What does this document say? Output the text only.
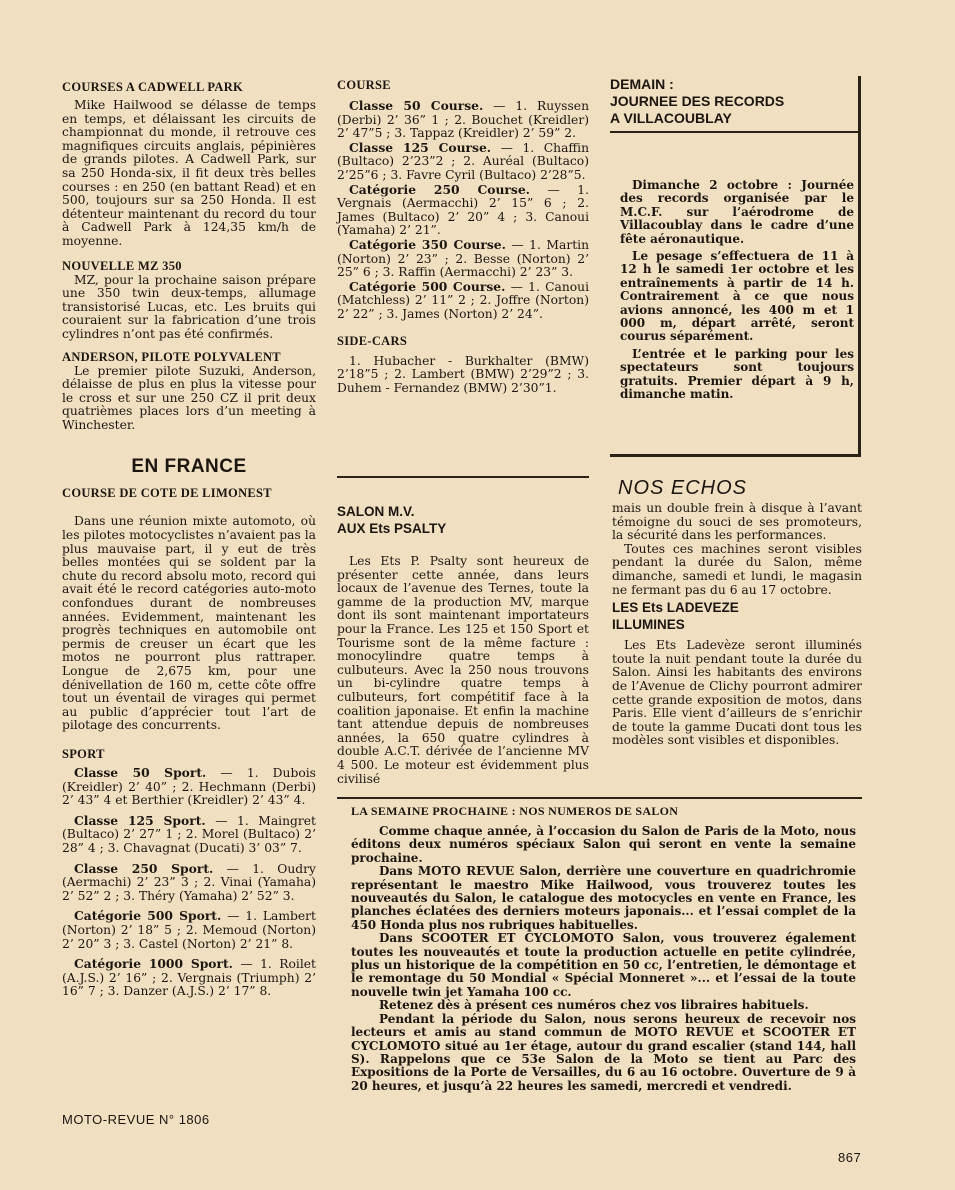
COURSES A CADWELL PARK

Mike Hailwood se délasse de temps en temps, et délaissant les circuits de championnat du monde, il retrouve ces magnifiques circuits anglais, pépinières de grands pilotes. A Cadwell Park, sur sa 250 Honda-six, il fit deux très belles courses : en 250 (en battant Read) et en 500, toujours sur sa 250 Honda. Il est détenteur maintenant du record du tour à Cadwell Park à 124,35 km/h de moyenne.

NOUVELLE MZ 350

MZ, pour la prochaine saison prépare une 350 twin deux-temps, allumage transistorisé Lucas, etc. Les bruits qui couraient sur la fabrication d’une trois cylindres n’ont pas été confirmés.

ANDERSON, PILOTE POLYVALENT

Le premier pilote Suzuki, Anderson, délaisse de plus en plus la vitesse pour le cross et sur une 250 CZ il prit deux quatrièmes places lors d’un meeting à Winchester.

EN FRANCE
COURSE DE COTE DE LIMONEST

Dans une réunion mixte automoto, où les pilotes motocyclistes n’avaient pas la plus mauvaise part, il y eut de très belles montées qui se soldent par la chute du record absolu moto, record qui avait été le record catégories auto-moto confondues durant de nombreuses années. Evidemment, maintenant les progrès techniques en automobile ont permis de creuser un écart que les motos ne pourront plus rattraper. Longue de 2,675 km, pour une dénivellation de 160 m, cette côte offre tout un éventail de virages qui permet au public d’apprécier tout l’art de pilotage des concurrents.

SPORT

Classe 50 Sport. — 1. Dubois (Kreidler) 2’ 40” ; 2. Hechmann (Derbi) 2’ 43” 4 et Berthier (Kreidler) 2’ 43” 4.

Classe 125 Sport. — 1. Maingret (Bultaco) 2’ 27” 1 ; 2. Morel (Bultaco) 2’ 28” 4 ; 3. Chavagnat (Ducati) 3’ 03” 7.

Classe 250 Sport. — 1. Oudry (Aermachi) 2’ 23” 3 ; 2. Vinai (Yamaha) 2’ 52” 2 ; 3. Théry (Yamaha) 2’ 52” 3.

Catégorie 500 Sport. — 1. Lambert (Norton) 2’ 18” 5 ; 2. Memoud (Norton) 2’ 20” 3 ; 3. Castel (Norton) 2’ 21” 8.

Catégorie 1000 Sport. — 1. Roilet (A.J.S.) 2’ 16” ; 2. Vergnais (Triumph) 2’ 16” 7 ; 3. Danzer (A.J.S.) 2’ 17” 8.

COURSE

Classe 50 Course. — 1. Ruyssen (Derbi) 2’ 36” 1 ; 2. Bouchet (Kreidler) 2’ 47”5 ; 3. Tappaz (Kreidler) 2’ 59” 2.

Classe 125 Course. — 1. Chaffin (Bultaco) 2’23”2 ; 2. Auréal (Bultaco) 2’25”6 ; 3. Favre Cyril (Bultaco) 2’28”5.

Catégorie 250 Course. — 1. Vergnais (Aermacchi) 2’ 15” 6 ; 2. James (Bultaco) 2’ 20” 4 ; 3. Canoui (Yamaha) 2’ 21”.

Catégorie 350 Course. — 1. Martin (Norton) 2’ 23” ; 2. Besse (Norton) 2’ 25” 6 ; 3. Raffin (Aermacchi) 2’ 23” 3.

Catégorie 500 Course. — 1. Canoui (Matchless) 2’ 11” 2 ; 2. Joffre (Norton) 2’ 22” ; 3. James (Norton) 2’ 24”.

SIDE-CARS

1. Hubacher - Burkhalter (BMW) 2’18”5 ; 2. Lambert (BMW) 2’29”2 ; 3. Duhem - Fernandez (BMW) 2’30”1.

SALON M.V.
AUX Ets PSALTY

Les Ets P. Psalty sont heureux de présenter cette année, dans leurs locaux de l’avenue des Ternes, toute la gamme de la production MV, marque dont ils sont maintenant importateurs pour la France. Les 125 et 150 Sport et Tourisme sont de la même facture : monocylindre quatre temps à culbuteurs. Avec la 250 nous trouvons un bi-cylindre quatre temps à culbuteurs, fort compétitif face à la coalition japonaise. Et enfin la machine tant attendue depuis de nombreuses années, la 650 quatre cylindres à double A.C.T. dérivée de l’ancienne MV 4 500. Le moteur est évidemment plus civilisé

DEMAIN :
JOURNEE DES RECORDS
A VILLACOUBLAY

Dimanche 2 octobre : Journée des records organisée par le M.C.F. sur l’aérodrome de Villacoublay dans le cadre d’une fête aéronautique.

Le pesage s’effectuera de 11 à 12 h le samedi 1er octobre et les entraînements à partir de 14 h. Contrairement à ce que nous avions annoncé, les 400 m et 1 000 m, départ arrêté, seront courus séparément.

L’entrée et le parking pour les spectateurs sont toujours gratuits. Premier départ à 9 h, dimanche matin.

NOS ECHOS

mais un double frein à disque à l’avant témoigne du souci de ses promoteurs, la sécurité dans les performances.

Toutes ces machines seront visibles pendant la durée du Salon, même dimanche, samedi et lundi, le magasin ne fermant pas du 6 au 17 octobre.

LES Ets LADEVEZE
ILLUMINES

Les Ets Ladevèze seront illuminés toute la nuit pendant toute la durée du Salon. Ainsi les habitants des environs de l’Avenue de Clichy pourront admirer cette grande exposition de motos, dans Paris. Elle vient d’ailleurs de s’enrichir de toute la gamme Ducati dont tous les modèles sont visibles et disponibles.

LA SEMAINE PROCHAINE : NOS NUMEROS DE SALON

Comme chaque année, à l’occasion du Salon de Paris de la Moto, nous éditons deux numéros spéciaux Salon qui seront en vente la semaine prochaine.

Dans MOTO REVUE Salon, derrière une couverture en quadrichromie représentant le maestro Mike Hailwood, vous trouverez toutes les nouveautés du Salon, le catalogue des motocycles en vente en France, les planches éclatées des derniers moteurs japonais... et l’essai complet de la 450 Honda plus nos rubriques habituelles.

Dans SCOOTER ET CYCLOMOTO Salon, vous trouverez également toutes les nouveautés et toute la production actuelle en petite cylindrée, plus un historique de la compétition en 50 cc, l’entretien, le démontage et le remontage du 50 Mondial « Spécial Monneret »... et l’essai de la toute nouvelle twin jet Yamaha 100 cc.

Retenez dès à présent ces numéros chez vos libraires habituels.

Pendant la période du Salon, nous serons heureux de recevoir nos lecteurs et amis au stand commun de MOTO REVUE et SCOOTER ET CYCLOMOTO situé au 1er étage, autour du grand escalier (stand 144, hall S). Rappelons que ce 53e Salon de la Moto se tient au Parc des Expositions de la Porte de Versailles, du 6 au 16 octobre. Ouverture de 9 à 20 heures, et jusqu’à 22 heures les samedi, mercredi et vendredi.

MOTO-REVUE N° 1806
867
